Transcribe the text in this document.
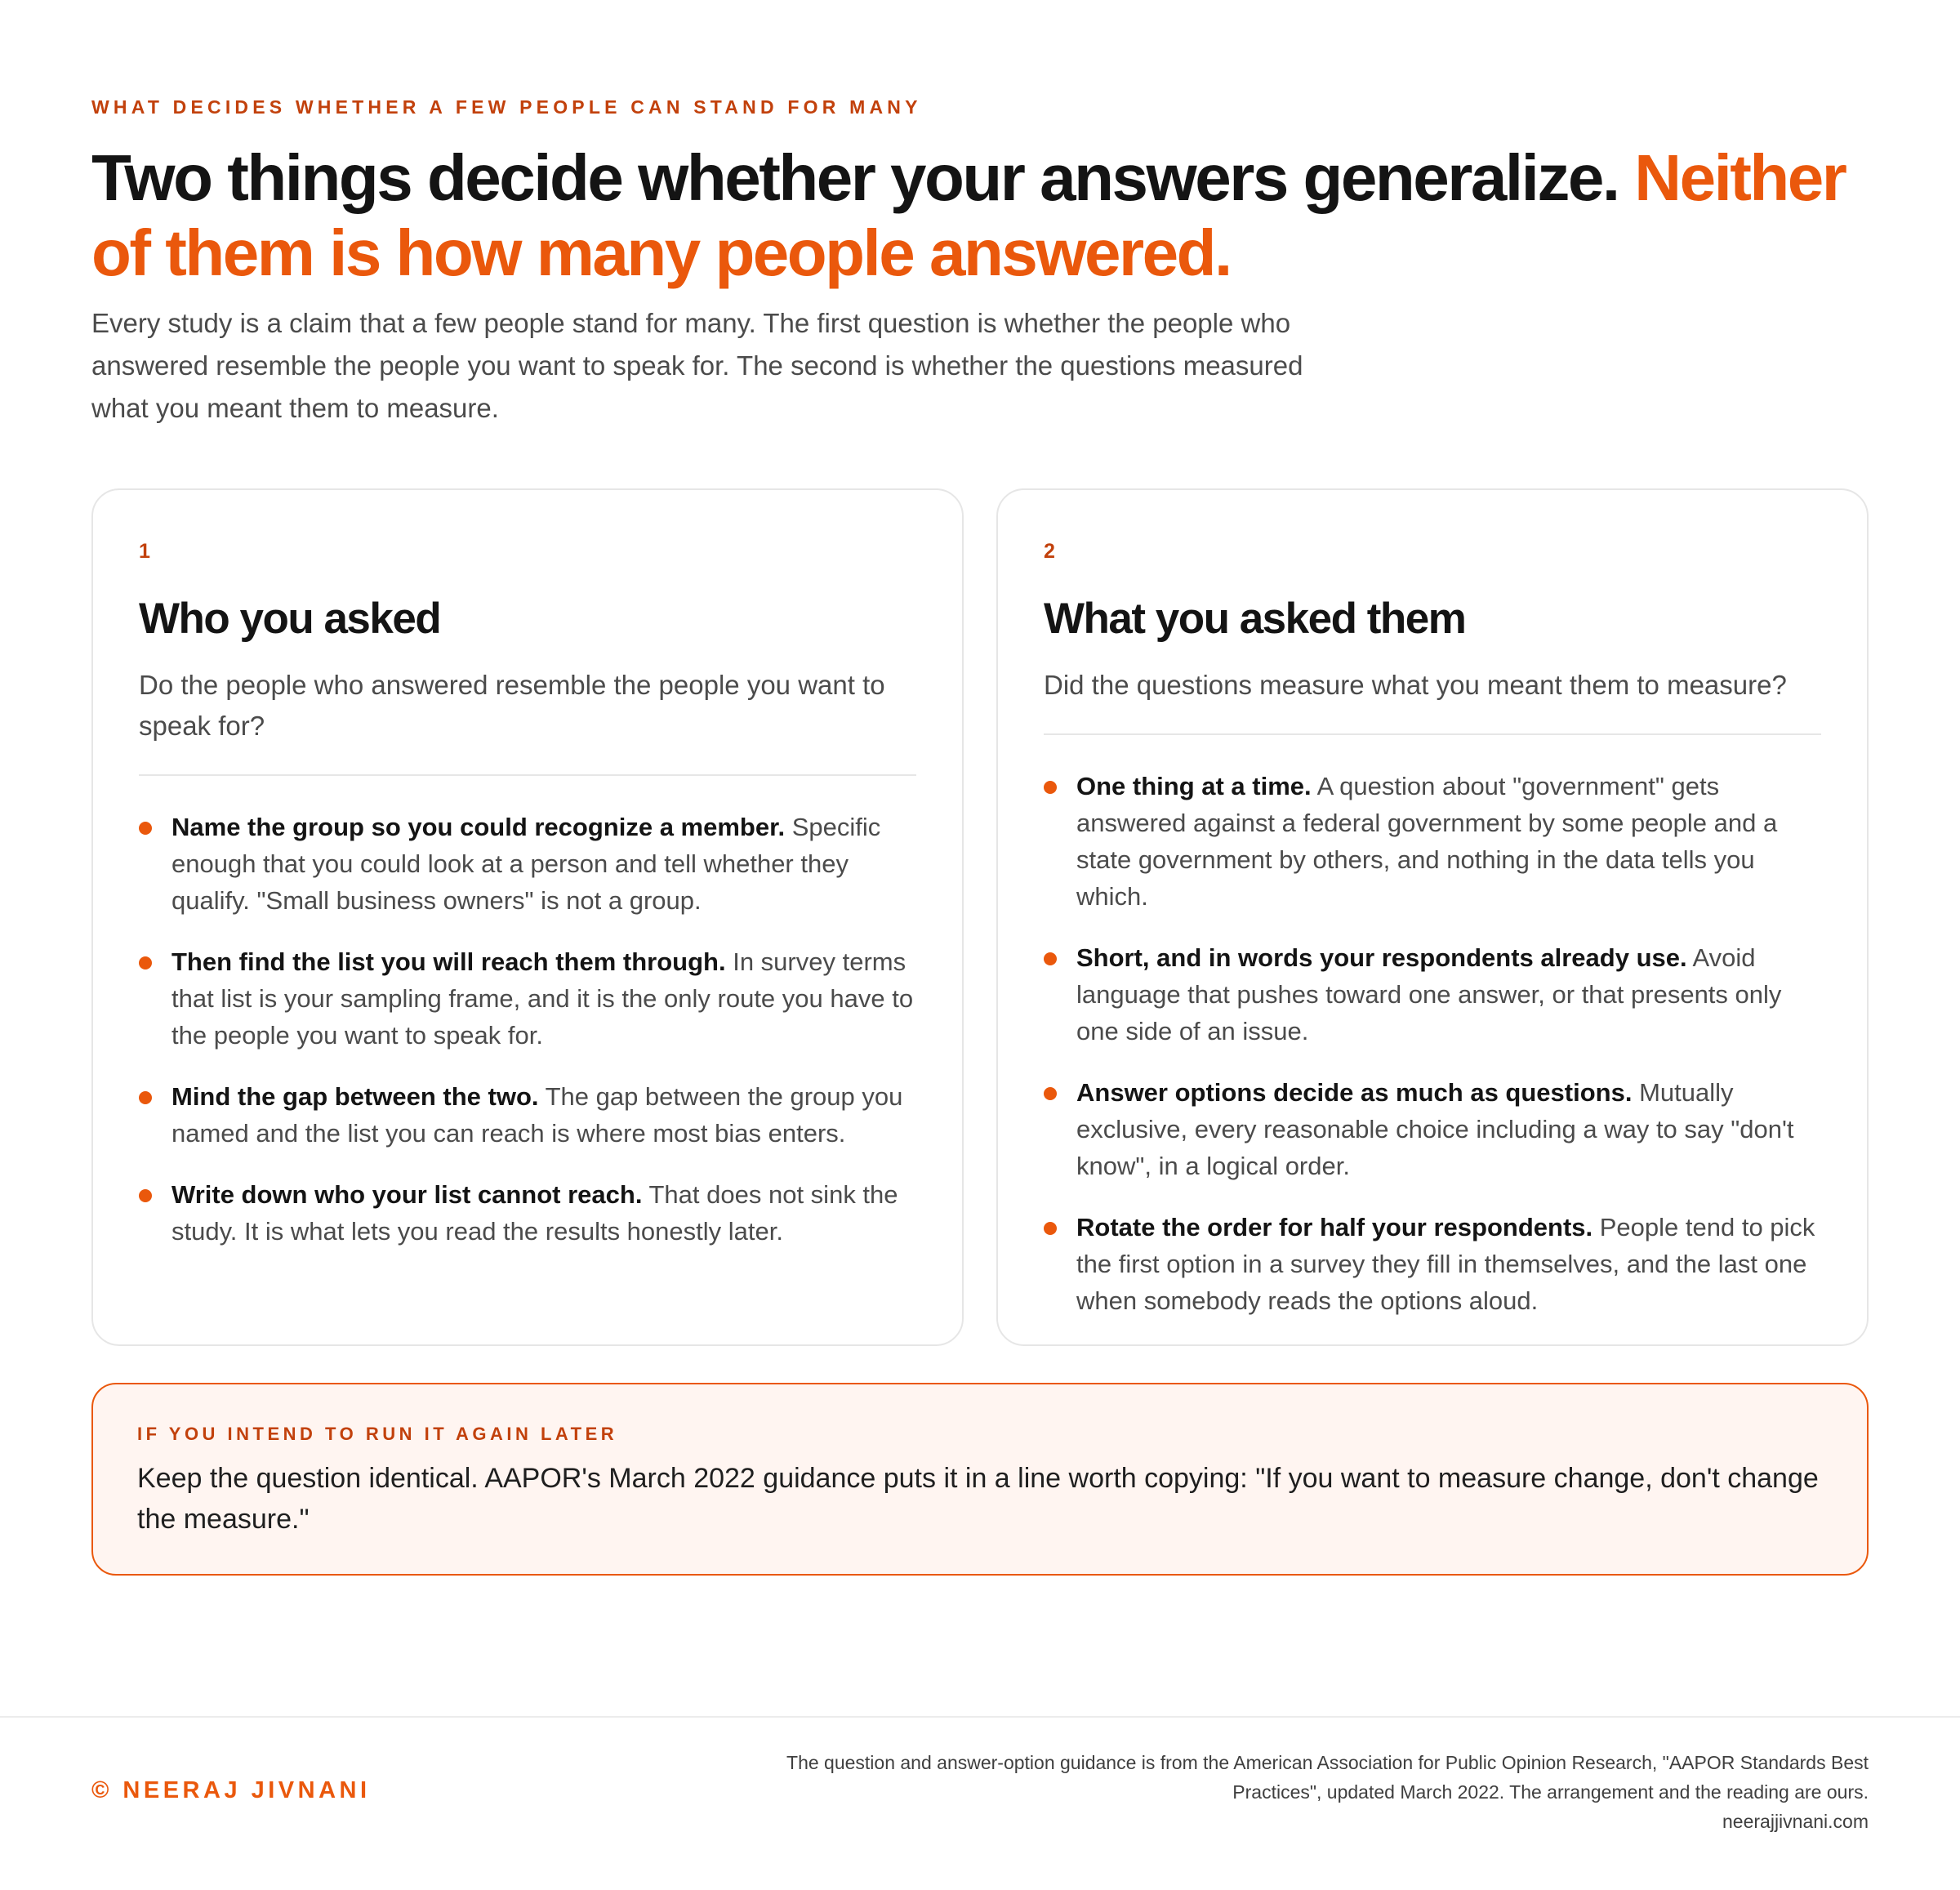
WHAT DECIDES WHETHER A FEW PEOPLE CAN STAND FOR MANY
Two things decide whether your answers generalize. Neither of them is how many people answered.

Every study is a claim that a few people stand for many. The first question is whether the people who answered resemble the people you want to speak for. The second is whether the questions measured what you meant them to measure.

1
Who you asked

Do the people who answered resemble the people you want to speak for?

Name the group so you could recognize a member. Specific enough that you could look at a person and tell whether they qualify. "Small business owners" is not a group.
Then find the list you will reach them through. In survey terms that list is your sampling frame, and it is the only route you have to the people you want to speak for.
Mind the gap between the two. The gap between the group you named and the list you can reach is where most bias enters.
Write down who your list cannot reach. That does not sink the study. It is what lets you read the results honestly later.
2
What you asked them

Did the questions measure what you meant them to measure?

One thing at a time. A question about "government" gets answered against a federal government by some people and a state government by others, and nothing in the data tells you which.
Short, and in words your respondents already use. Avoid language that pushes toward one answer, or that presents only one side of an issue.
Answer options decide as much as questions. Mutually exclusive, every reasonable choice including a way to say "don't know", in a logical order.
Rotate the order for half your respondents. People tend to pick the first option in a survey they fill in themselves, and the last one when somebody reads the options aloud.
IF YOU INTEND TO RUN IT AGAIN LATER

Keep the question identical. AAPOR's March 2022 guidance puts it in a line worth copying: "If you want to measure change, don't change the measure."

© NEERAJ JIVNANI
The question and answer-option guidance is from the American Association for Public Opinion Research, "AAPOR Standards Best Practices", updated March 2022. The arrangement and the reading are ours.
neerajjivnani.com
